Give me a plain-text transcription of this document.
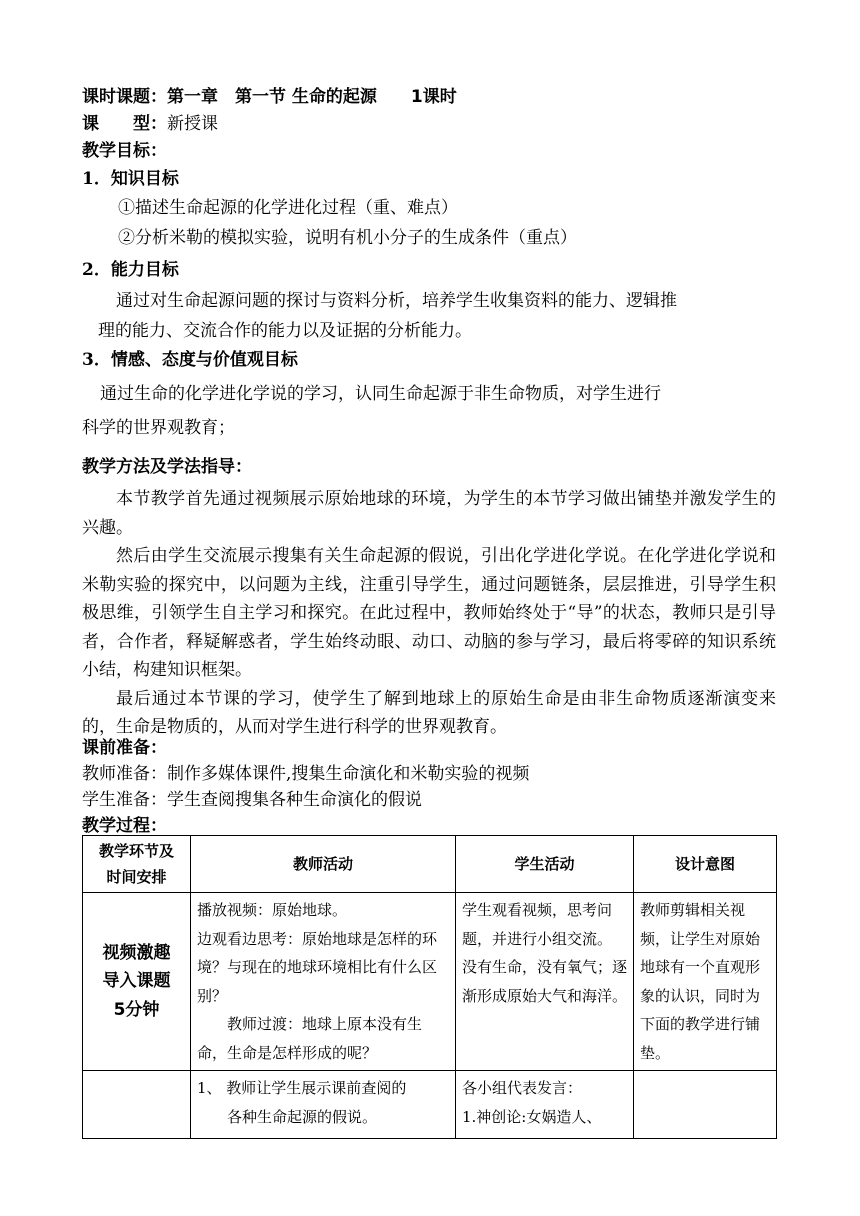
课时课题：第一章　第一节 生命的起源　　1课时
课　　型：新授课
教学目标：
1．知识目标
①描述生命起源的化学进化过程（重、难点）
②分析米勒的模拟实验，说明有机小分子的生成条件（重点）
2．能力目标
通过对生命起源问题的探讨与资料分析，培养学生收集资料的能力、逻辑推
理的能力、交流合作的能力以及证据的分析能力。
3．情感、态度与价值观目标
通过生命的化学进化学说的学习，认同生命起源于非生命物质，对学生进行
科学的世界观教育；
教学方法及学法指导：

本节教学首先通过视频展示原始地球的环境，为学生的本节学习做出铺垫并激发学生的兴趣。

然后由学生交流展示搜集有关生命起源的假说，引出化学进化学说。在化学进化学说和米勒实验的探究中，以问题为主线，注重引导学生，通过问题链条，层层推进，引导学生积极思维，引领学生自主学习和探究。在此过程中，教师始终处于“导”的状态，教师只是引导者，合作者，释疑解惑者，学生始终动眼、动口、动脑的参与学习，最后将零碎的知识系统小结，构建知识框架。

最后通过本节课的学习，使学生了解到地球上的原始生命是由非生命物质逐渐演变来的，生命是物质的，从而对学生进行科学的世界观教育。

课前准备：
教师准备：制作多媒体课件,搜集生命演化和米勒实验的视频
学生准备：学生查阅搜集各种生命演化的假说
教学过程：
教学环节及
时间安排	教师活动	学生活动	设计意图
视频激趣
导入课题
5分钟	播放视频：原始地球。
边观看边思考：原始地球是怎样的环境？与现在的地球环境相比有什么区别？
　　教师过渡：地球上原本没有生命，生命是怎样形成的呢？	学生观看视频，思考问题，并进行小组交流。
没有生命，没有氧气；逐渐形成原始大气和海洋。	教师剪辑相关视频，让学生对原始地球有一个直观形象的认识，同时为下面的教学进行铺垫。
	1、 教师让学生展示课前查阅的
　　各种生命起源的假说。	各小组代表发言：
1.神创论:女娲造人、	
